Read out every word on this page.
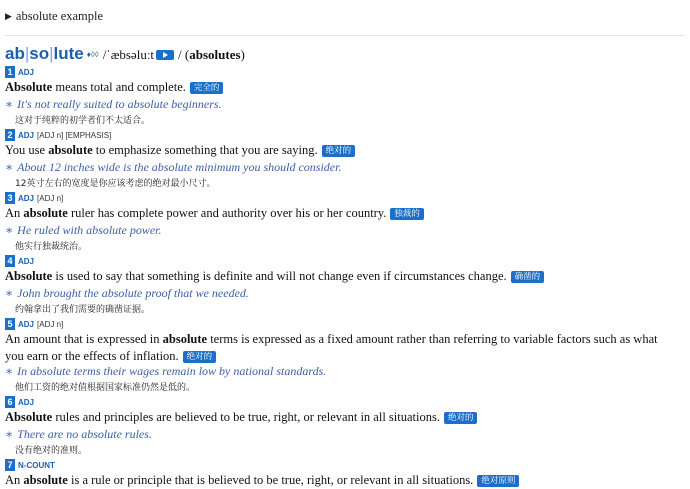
▶ absolute example
ab|so|lute ♦◊◊ /ˈæbsəluːt / (absolutes)
1 ADJ
Absolute means total and complete. 完全的
∗ It's not really suited to absolute beginners.
这对于纯粹的初学者们不太适合。
2 ADJ [ADJ n] [EMPHASIS]
You use absolute to emphasize something that you are saying. 绝对的
∗ About 12 inches wide is the absolute minimum you should consider.
12英寸左右的宽度是你应该考虑的绝对最小尺寸。
3 ADJ [ADJ n]
An absolute ruler has complete power and authority over his or her country. 独裁的
∗ He ruled with absolute power.
他实行独裁统治。
4 ADJ
Absolute is used to say that something is definite and will not change even if circumstances change. 确凿的
∗ John brought the absolute proof that we needed.
约翰拿出了我们需要的确凿证据。
5 ADJ [ADJ n]
An amount that is expressed in absolute terms is expressed as a fixed amount rather than referring to variable factors such as what you earn or the effects of inflation. 绝对的
∗ In absolute terms their wages remain low by national standards.
他们工资的绝对值根据国家标准仍然是低的。
6 ADJ
Absolute rules and principles are believed to be true, right, or relevant in all situations. 绝对的
∗ There are no absolute rules.
没有绝对的准则。
7 N-COUNT
An absolute is a rule or principle that is believed to be true, right, or relevant in all situations. 绝对原则
